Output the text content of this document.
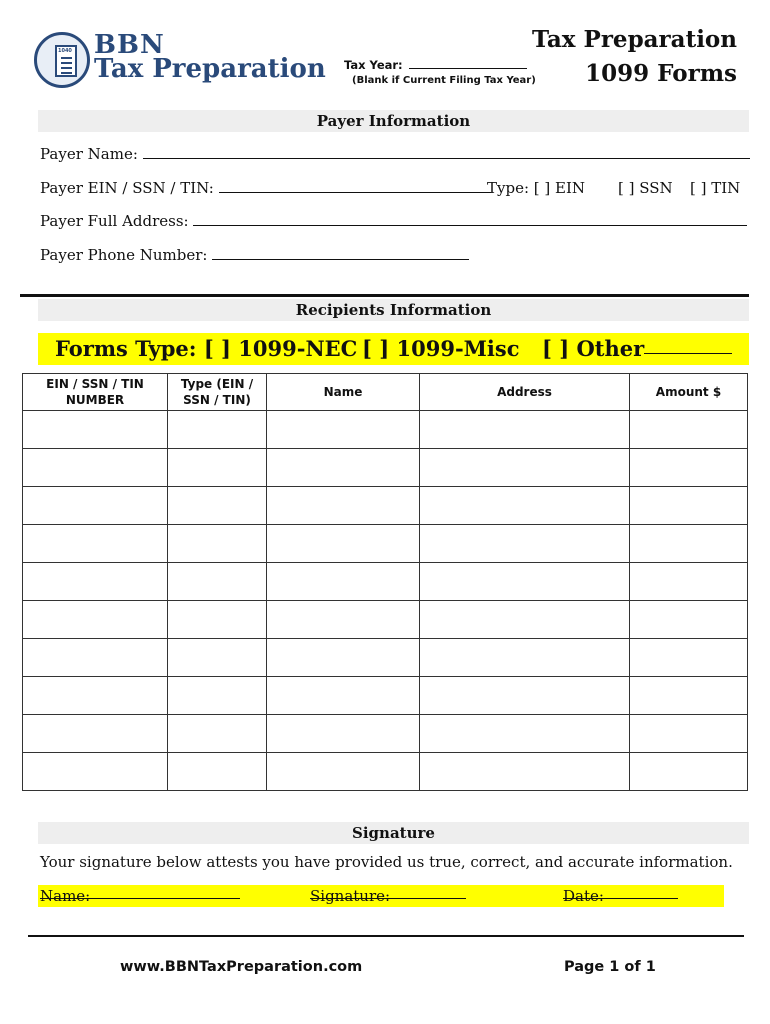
1040 BBN
Tax Preparation Tax Year:
(Blank if Current Filing Tax Year)
Tax Preparation
1099 Forms
Payer Information
Payer Name:
Payer EIN / SSN / TIN:	Type: [ ] EIN [ ] SSN [ ] TIN
Payer Full Address:
Payer Phone Number:
Recipients Information
Forms Type: [ ] 1099-NEC [ ] 1099-Misc [ ] Other
EIN / SSN / TIN NUMBER	Type (EIN / SSN / TIN)	Name	Address	Amount $

Signature
Your signature below attests you have provided us true, correct, and accurate information.
Name:	Signature:	Date:
www.BBNTaxPreparation.com	Page 1 of 1
